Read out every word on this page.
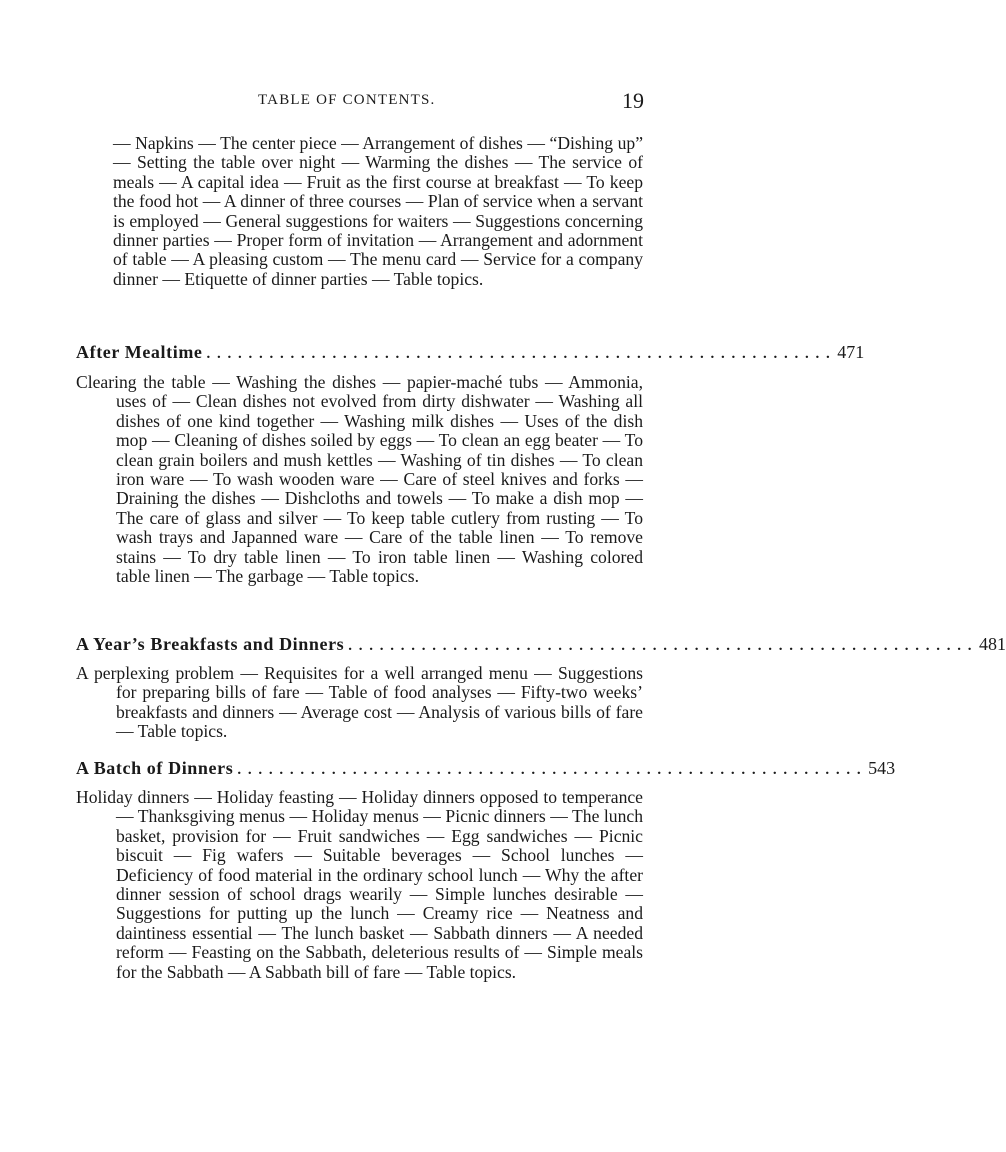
TABLE OF CONTENTS.	19
— Napkins — The center piece — Arrangement of dishes — “Dishing up” — Setting the table over night — Warming the dishes — The service of meals — A capital idea — Fruit as the first course at breakfast — To keep the food hot — A dinner of three courses — Plan of service when a servant is employed — General suggestions for waiters — Suggestions concerning dinner parties — Proper form of invitation — Arrangement and adornment of table — A pleasing custom — The menu card — Service for a company dinner — Etiquette of dinner parties — Table topics.
After Mealtime . . . . . . . . . . . . . . . . . . . . . . . . . . . . . . . . . . . . . . . . . . . . . . . . . . . . . . . . . . . . 471
Clearing the table — Washing the dishes — papier-maché tubs — Ammonia, uses of — Clean dishes not evolved from dirty dishwater — Washing all dishes of one kind together — Washing milk dishes — Uses of the dish mop — Cleaning of dishes soiled by eggs — To clean an egg beater — To clean grain boilers and mush kettles — Washing of tin dishes — To clean iron ware — To wash wooden ware — Care of steel knives and forks — Draining the dishes — Dishcloths and towels — To make a dish mop — The care of glass and silver — To keep table cutlery from rusting — To wash trays and Japanned ware — Care of the table linen — To remove stains — To dry table linen — To iron table linen — Washing colored table linen — The garbage — Table topics.
A Year’s Breakfasts and Dinners . . . . . . . . . . . . . . . . . . . . . . . . . . . . . . . . . . . . . . . . . . . . . . . . . . . . . . . . . . . . 481
A perplexing problem — Requisites for a well arranged menu — Suggestions for preparing bills of fare — Table of food analyses — Fifty-two weeks’ breakfasts and dinners — Average cost — Analysis of various bills of fare — Table topics.
A Batch of Dinners . . . . . . . . . . . . . . . . . . . . . . . . . . . . . . . . . . . . . . . . . . . . . . . . . . . . . . . . . . . . 543
Holiday dinners — Holiday feasting — Holiday dinners opposed to temperance — Thanksgiving menus — Holiday menus — Picnic dinners — The lunch basket, provision for — Fruit sandwiches — Egg sandwiches — Picnic biscuit — Fig wafers — Suitable beverages — School lunches — Deficiency of food material in the ordinary school lunch — Why the after dinner session of school drags wearily — Simple lunches desirable — Suggestions for putting up the lunch — Creamy rice — Neatness and daintiness essential — The lunch basket — Sabbath dinners — A needed reform — Feasting on the Sabbath, deleterious results of — Simple meals for the Sabbath — A Sabbath bill of fare — Table topics.
